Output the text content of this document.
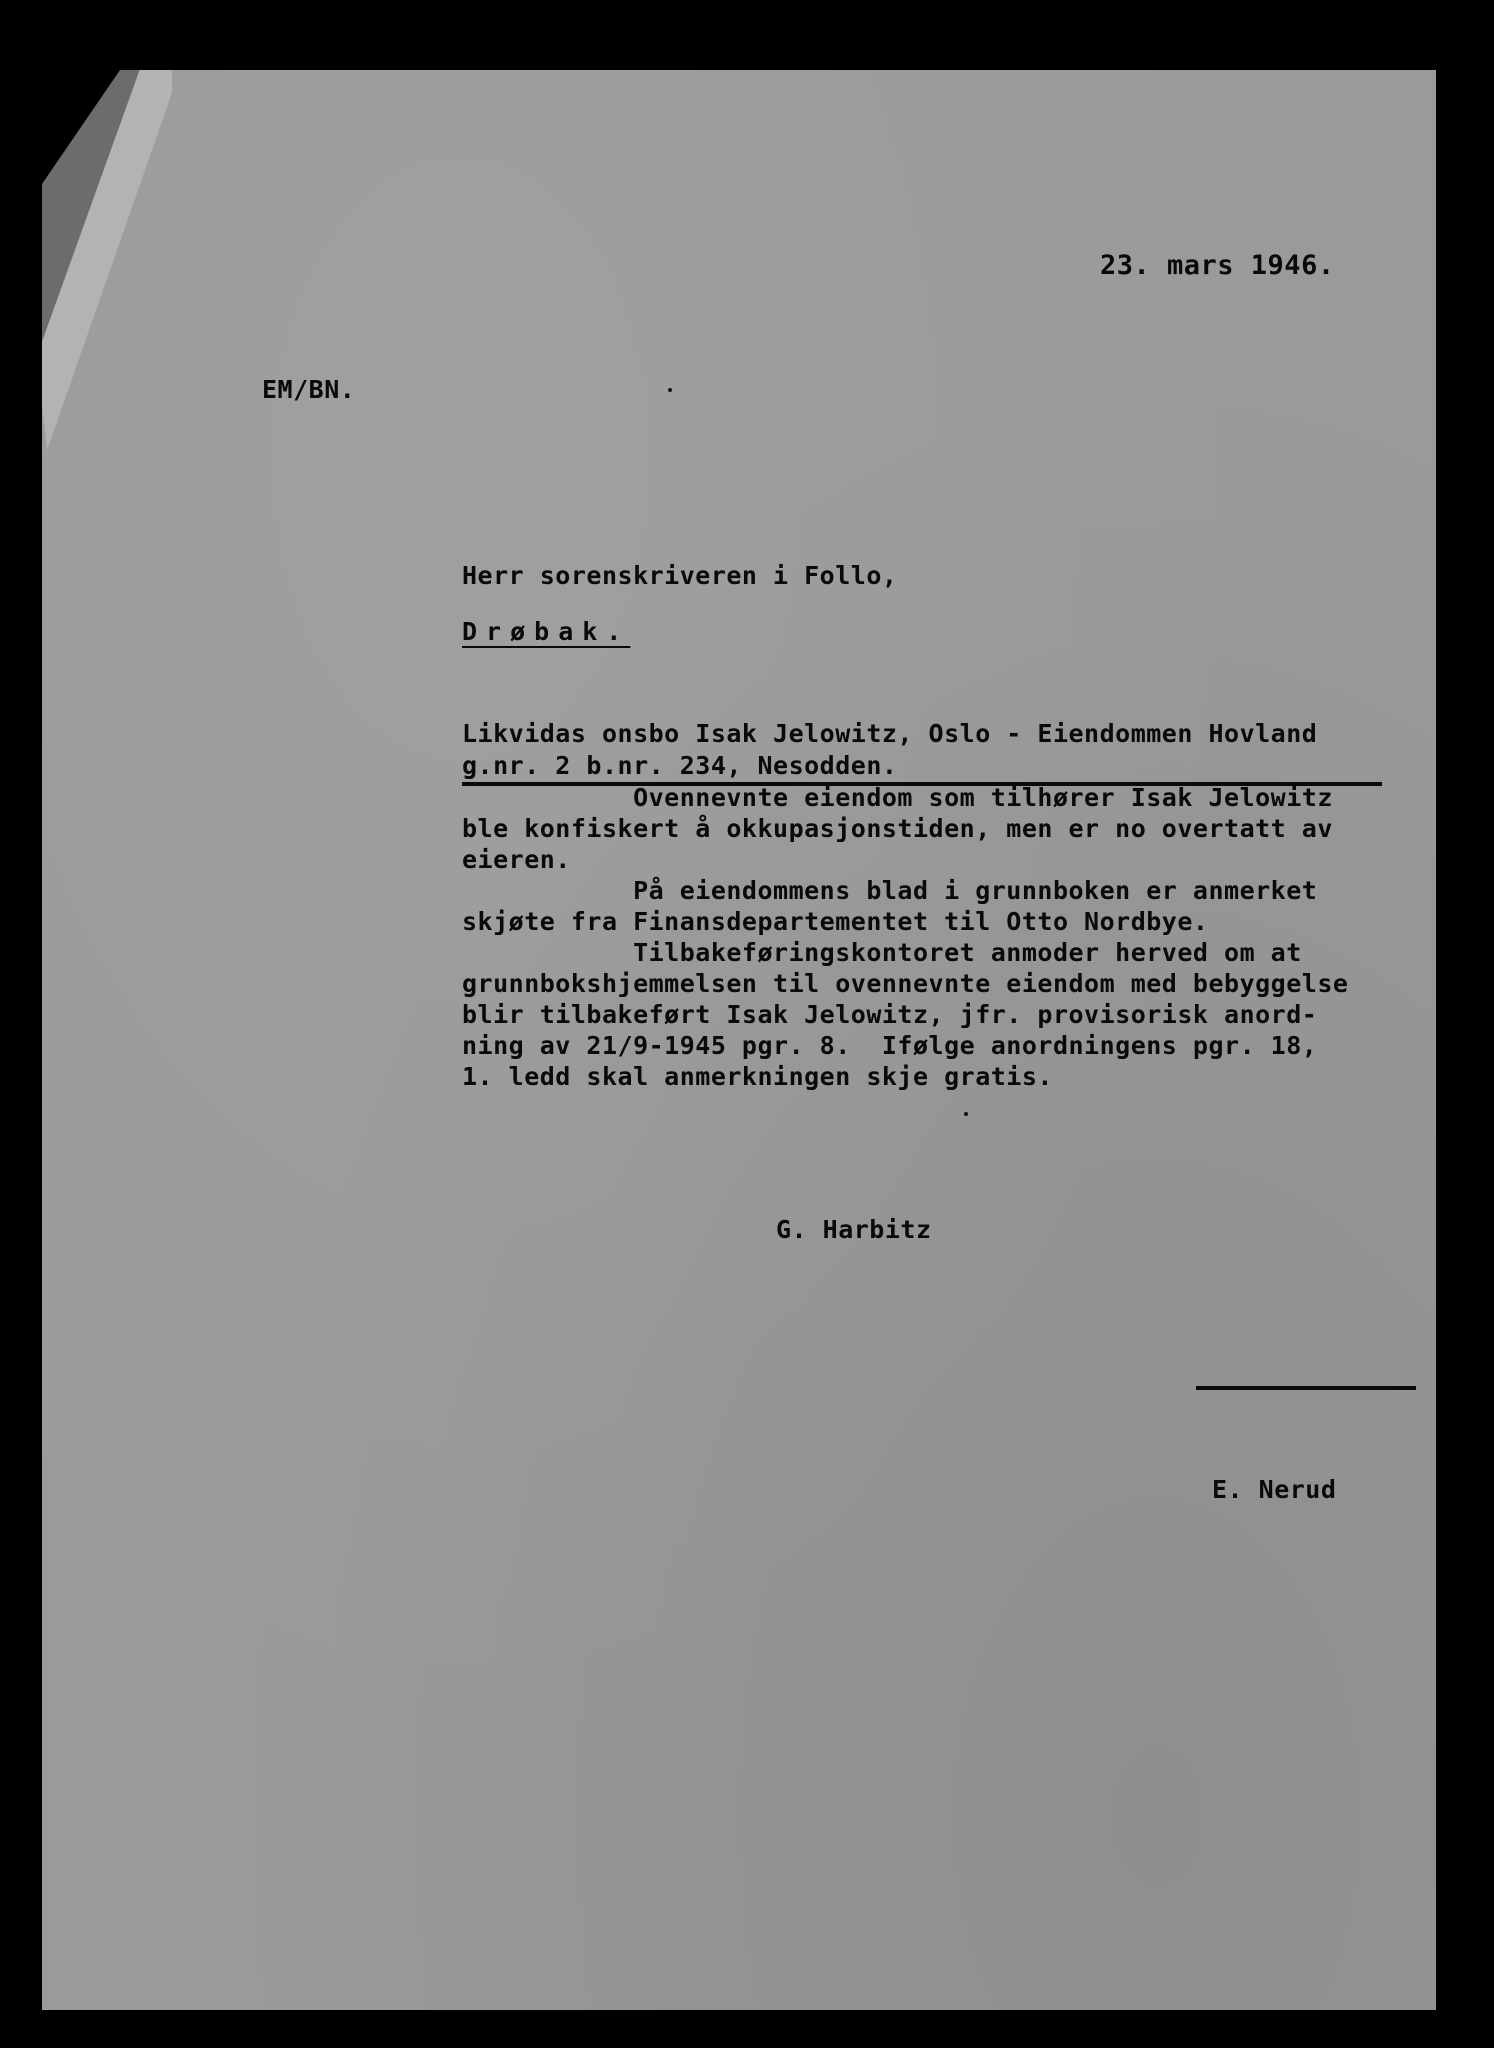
23. mars 1946.
EM/BN.
Herr sorenskriveren i Follo,
Drøbak.
Likvidas onsbo Isak Jelowitz, Oslo - Eiendommen Hovland
g.nr. 2 b.nr. 234, Nesodden.
Ovennevnte eiendom som tilhører Isak Jelowitz
ble konfiskert å okkupasjonstiden, men er no overtatt av
eieren.
På eiendommens blad i grunnboken er anmerket
skjøte fra Finansdepartementet til Otto Nordbye.
Tilbakeføringskontoret anmoder herved om at
grunnbokshjemmelsen til ovennevnte eiendom med bebyggelse
blir tilbakeført Isak Jelowitz, jfr. provisorisk anord-
ning av 21/9-1945 pgr. 8.  Ifølge anordningens pgr. 18,
1. ledd skal anmerkningen skje gratis.
G. Harbitz
E. Nerud
